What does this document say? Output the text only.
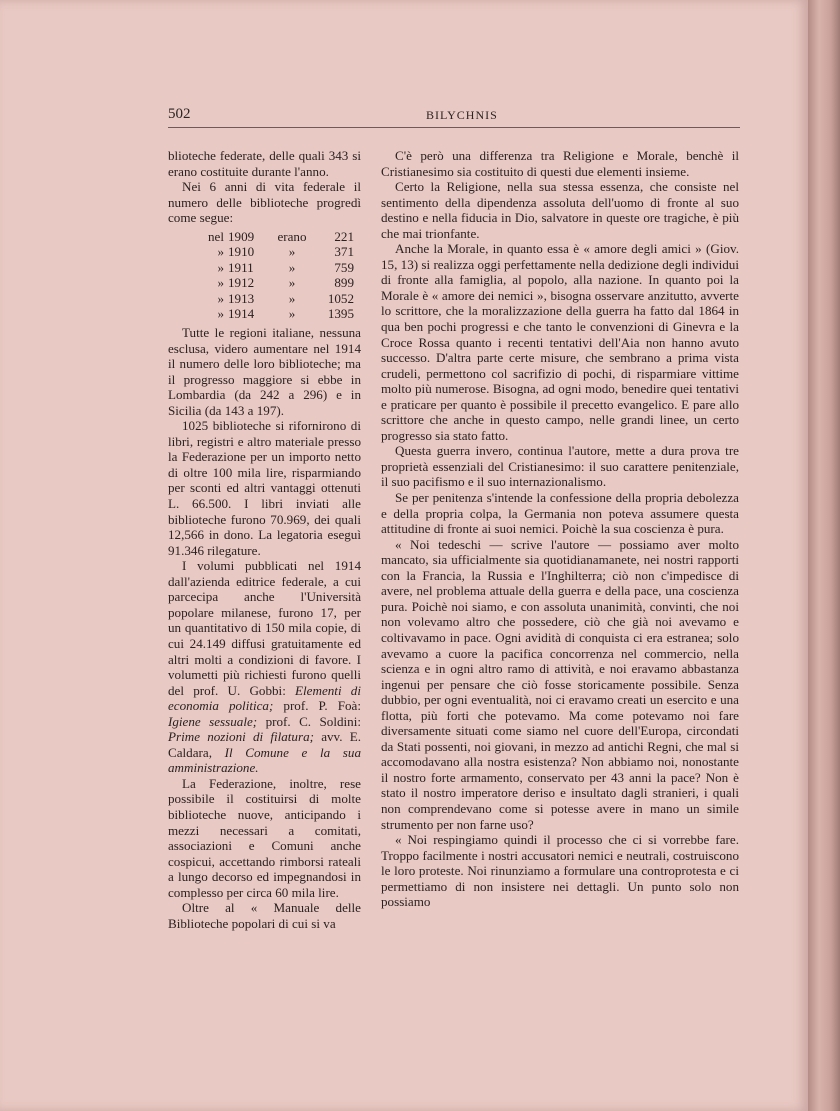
502	BILYCHNIS

blioteche federate, delle quali 343 si erano costituite durante l'anno.

Nei 6 anni di vita federale il numero delle biblioteche progredì come segue:

nel 1909	erano	221
» 1910	»	371
» 1911	»	759
» 1912	»	899
» 1913	»	1052
» 1914	»	1395

Tutte le regioni italiane, nessuna esclusa, videro aumentare nel 1914 il numero delle loro biblioteche; ma il progresso maggiore si ebbe in Lombardia (da 242 a 296) e in Sicilia (da 143 a 197).

1025 biblioteche si rifornirono di libri, registri e altro materiale presso la Federazione per un importo netto di oltre 100 mila lire, risparmiando per sconti ed altri vantaggi ottenuti L. 66.500. I libri inviati alle biblioteche furono 70.969, dei quali 12,566 in dono. La legatoria eseguì 91.346 rilegature.

I volumi pubblicati nel 1914 dall'azienda editrice federale, a cui parcecipa anche l'Università popolare milanese, furono 17, per un quantitativo di 150 mila copie, di cui 24.149 diffusi gratuitamente ed altri molti a condizioni di favore. I volumetti più richiesti furono quelli del prof. U. Gobbi: Elementi di economia politica; prof. P. Foà: Igiene sessuale; prof. C. Soldini: Prime nozioni di filatura; avv. E. Caldara, Il Comune e la sua amministrazione.

La Federazione, inoltre, rese possibile il costituirsi di molte biblioteche nuove, anticipando i mezzi necessari a comitati, associazioni e Comuni anche cospicui, accettando rimborsi rateali a lungo decorso ed impegnandosi in complesso per circa 60 mila lire.

Oltre al « Manuale delle Biblioteche popolari di cui si va

C'è però una differenza tra Religione e Morale, benchè il Cristianesimo sia costituito di questi due elementi insieme.

Certo la Religione, nella sua stessa essenza, che consiste nel sentimento della dipendenza assoluta dell'uomo di fronte al suo destino e nella fiducia in Dio, salvatore in queste ore tragiche, è più che mai trionfante.

Anche la Morale, in quanto essa è « amore degli amici » (Giov. 15, 13) si realizza oggi perfettamente nella dedizione degli individui di fronte alla famiglia, al popolo, alla nazione. In quanto poi la Morale è « amore dei nemici », bisogna osservare anzitutto, avverte lo scrittore, che la moralizzazione della guerra ha fatto dal 1864 in qua ben pochi progressi e che tanto le convenzioni di Ginevra e la Croce Rossa quanto i recenti tentativi dell'Aia non hanno avuto successo. D'altra parte certe misure, che sembrano a prima vista crudeli, permettono col sacrifizio di pochi, di risparmiare vittime molto più numerose. Bisogna, ad ogni modo, benedire quei tentativi e praticare per quanto è possibile il precetto evangelico. E pare allo scrittore che anche in questo campo, nelle grandi linee, un certo progresso sia stato fatto.

Questa guerra invero, continua l'autore, mette a dura prova tre proprietà essenziali del Cristianesimo: il suo carattere penitenziale, il suo pacifismo e il suo internazionalismo.

Se per penitenza s'intende la confessione della propria debolezza e della propria colpa, la Germania non poteva assumere questa attitudine di fronte ai suoi nemici. Poichè la sua coscienza è pura.

« Noi tedeschi — scrive l'autore — possiamo aver molto mancato, sia ufficialmente sia quotidianamanete, nei nostri rapporti con la Francia, la Russia e l'Inghilterra; ciò non c'impedisce di avere, nel problema attuale della guerra e della pace, una coscienza pura. Poichè noi siamo, e con assoluta unanimità, convinti, che noi non volevamo altro che possedere, ciò che già noi avevamo e coltivavamo in pace. Ogni avidità di conquista ci era estranea; solo avevamo a cuore la pacifica concorrenza nel commercio, nella scienza e in ogni altro ramo di attività, e noi eravamo abbastanza ingenui per pensare che ciò fosse storicamente possibile. Senza dubbio, per ogni eventualità, noi ci eravamo creati un esercito e una flotta, più forti che potevamo. Ma come potevamo noi fare diversamente situati come siamo nel cuore dell'Europa, circondati da Stati possenti, noi giovani, in mezzo ad antichi Regni, che mal si accomodavano alla nostra esistenza? Non abbiamo noi, nonostante il nostro forte armamento, conservato per 43 anni la pace? Non è stato il nostro imperatore deriso e insultato dagli stranieri, i quali non comprendevano come si potesse avere in mano un simile strumento per non farne uso?

« Noi respingiamo quindi il processo che ci si vorrebbe fare. Troppo facilmente i nostri accusatori nemici e neutrali, costruiscono le loro proteste. Noi rinunziamo a formulare una controprotesta e ci permettiamo di non insistere nei dettagli. Un punto solo non possiamo
